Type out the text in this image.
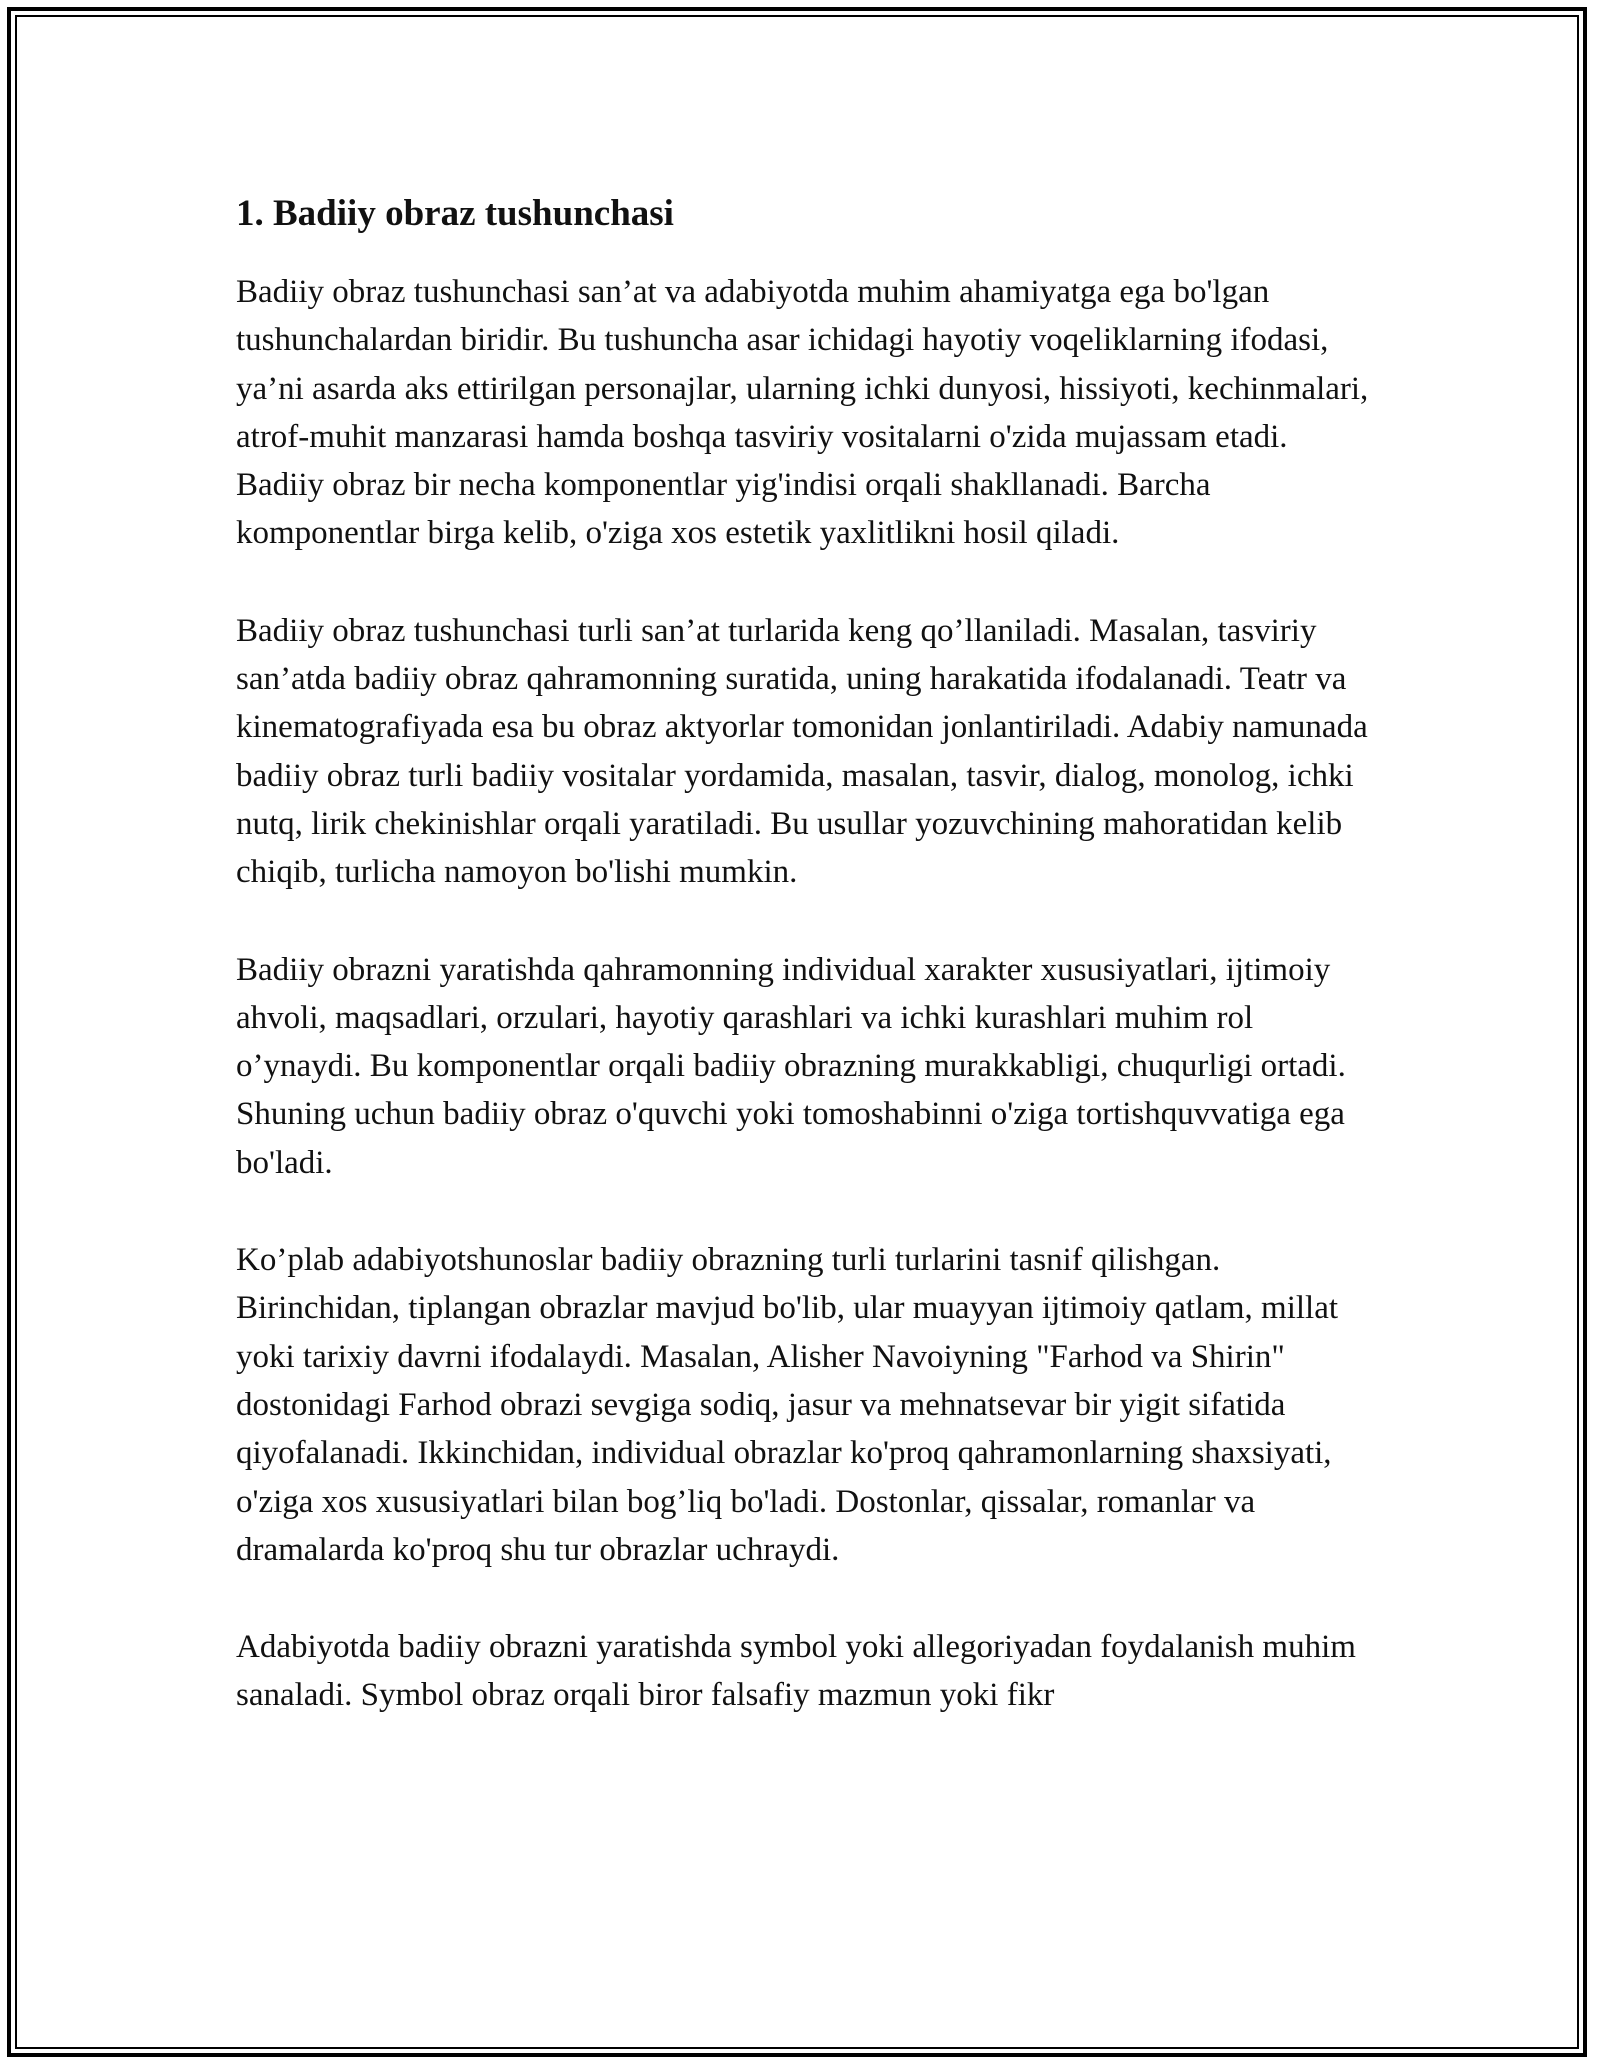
1. Badiiy obraz tushunchasi

Badiiy obraz tushunchasi san’at va adabiyotda muhim ahamiyatga ega bo'lgan tushunchalardan biridir. Bu tushuncha asar ichidagi hayotiy voqeliklarning ifodasi, ya’ni asarda aks ettirilgan personajlar, ularning ichki dunyosi, hissiyoti, kechinmalari, atrof-muhit manzarasi hamda boshqa tasviriy vositalarni o'zida mujassam etadi. Badiiy obraz bir necha komponentlar yig'indisi orqali shakllanadi. Barcha komponentlar birga kelib, o'ziga xos estetik yaxlitlikni hosil qiladi.

Badiiy obraz tushunchasi turli san’at turlarida keng qo’llaniladi. Masalan, tasviriy san’atda badiiy obraz qahramonning suratida, uning harakatida ifodalanadi. Teatr va kinematografiyada esa bu obraz aktyorlar tomonidan jonlantiriladi. Adabiy namunada badiiy obraz turli badiiy vositalar yordamida, masalan, tasvir, dialog, monolog, ichki nutq, lirik chekinishlar orqali yaratiladi. Bu usullar yozuvchining mahoratidan kelib chiqib, turlicha namoyon bo'lishi mumkin.

Badiiy obrazni yaratishda qahramonning individual xarakter xususiyatlari, ijtimoiy ahvoli, maqsadlari, orzulari, hayotiy qarashlari va ichki kurashlari muhim rol o’ynaydi. Bu komponentlar orqali badiiy obrazning murakkabligi, chuqurligi ortadi. Shuning uchun badiiy obraz o'quvchi yoki tomoshabinni o'ziga tortishquvvatiga ega bo'ladi.

Ko’plab adabiyotshunoslar badiiy obrazning turli turlarini tasnif qilishgan. Birinchidan, tiplangan obrazlar mavjud bo'lib, ular muayyan ijtimoiy qatlam, millat yoki tarixiy davrni ifodalaydi. Masalan, Alisher Navoiyning "Farhod va Shirin" dostonidagi Farhod obrazi sevgiga sodiq, jasur va mehnatsevar bir yigit sifatida qiyofalanadi. Ikkinchidan, individual obrazlar ko'proq qahramonlarning shaxsiyati, o'ziga xos xususiyatlari bilan bog’liq bo'ladi. Dostonlar, qissalar, romanlar va dramalarda ko'proq shu tur obrazlar uchraydi.

Adabiyotda badiiy obrazni yaratishda symbol yoki allegoriyadan foydalanish muhim sanaladi. Symbol obraz orqali biror falsafiy mazmun yoki fikr
